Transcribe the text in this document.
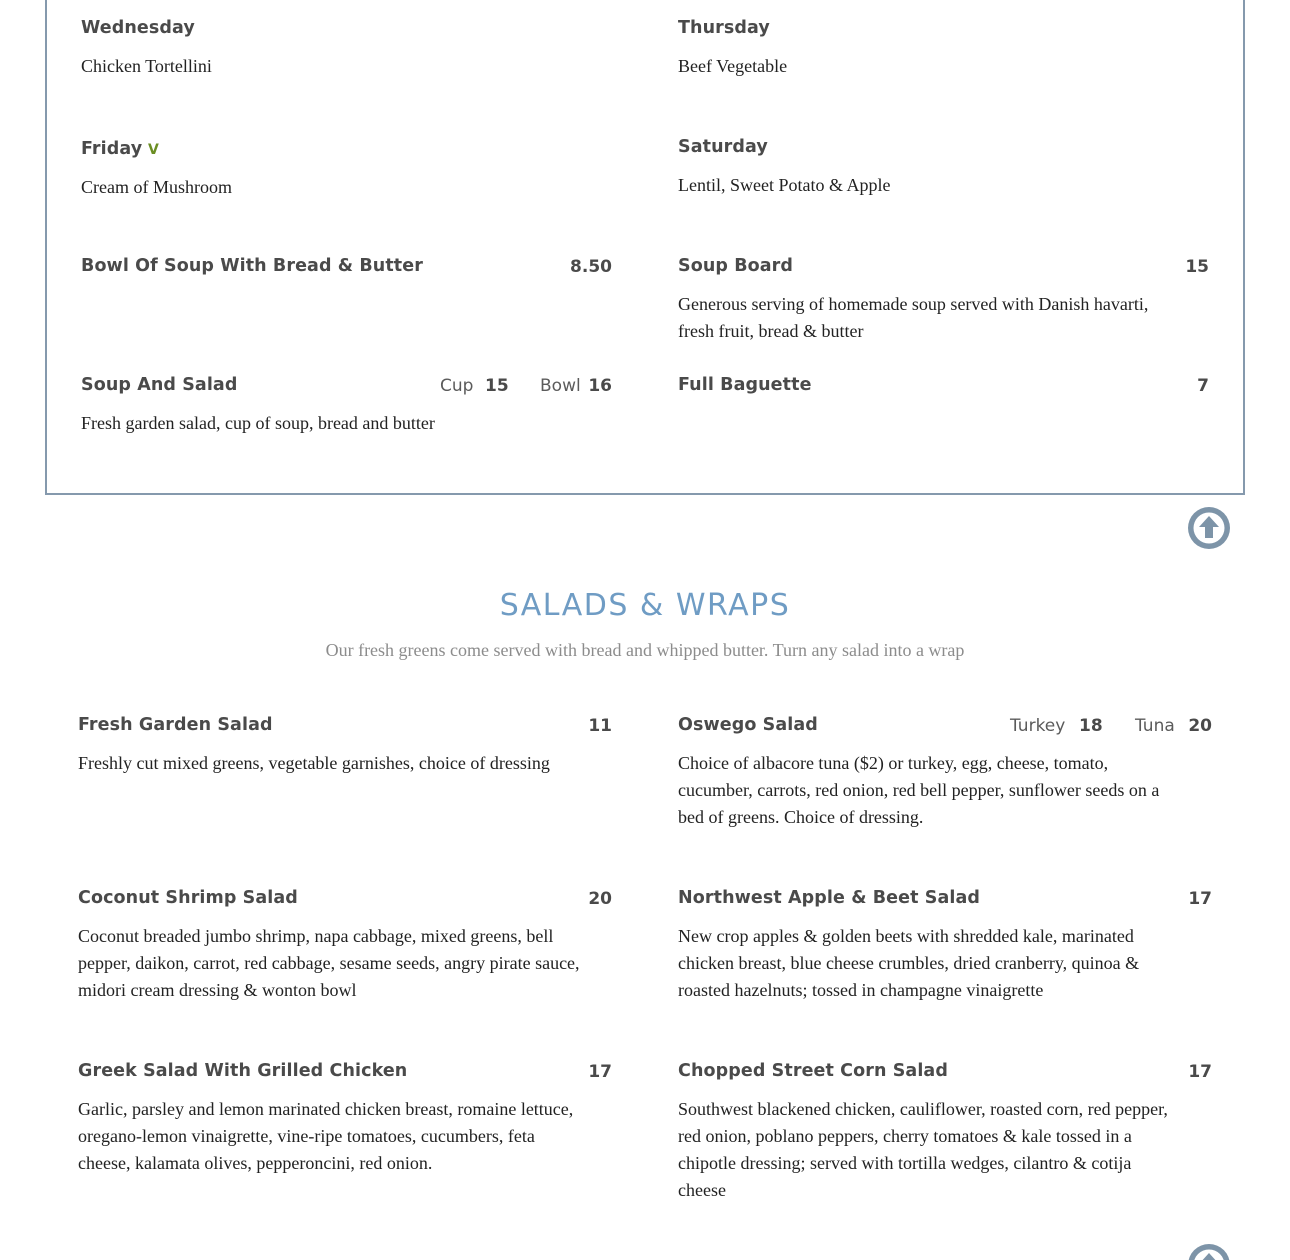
Wednesday
Chicken Tortellini
Thursday
Beef Vegetable
Friday V
Cream of Mushroom
Saturday
Lentil, Sweet Potato & Apple
Bowl Of Soup With Bread & Butter	8.50	Soup Board	15
Generous serving of homemade soup served with Danish havarti, fresh fruit, bread & butter
Soup And Salad	Cup 15 Bowl 16
Fresh garden salad, cup of soup, bread and butter
Full Baguette	7
SALADS & WRAPS
Our fresh greens come served with bread and whipped butter. Turn any salad into a wrap
Fresh Garden Salad	11
Freshly cut mixed greens, vegetable garnishes, choice of dressing
Oswego Salad	Turkey 18 Tuna 20
Choice of albacore tuna ($2) or turkey, egg, cheese, tomato, cucumber, carrots, red onion, red bell pepper, sunflower seeds on a bed of greens. Choice of dressing.
Coconut Shrimp Salad	20
Coconut breaded jumbo shrimp, napa cabbage, mixed greens, bell pepper, daikon, carrot, red cabbage, sesame seeds, angry pirate sauce, midori cream dressing & wonton bowl
Northwest Apple & Beet Salad	17
New crop apples & golden beets with shredded kale, marinated chicken breast, blue cheese crumbles, dried cranberry, quinoa & roasted hazelnuts; tossed in champagne vinaigrette
Greek Salad With Grilled Chicken	17
Garlic, parsley and lemon marinated chicken breast, romaine lettuce, oregano-lemon vinaigrette, vine-ripe tomatoes, cucumbers, feta cheese, kalamata olives, pepperoncini, red onion.
Chopped Street Corn Salad	17
Southwest blackened chicken, cauliflower, roasted corn, red pepper, red onion, poblano peppers, cherry tomatoes & kale tossed in a chipotle dressing; served with tortilla wedges, cilantro & cotija cheese
